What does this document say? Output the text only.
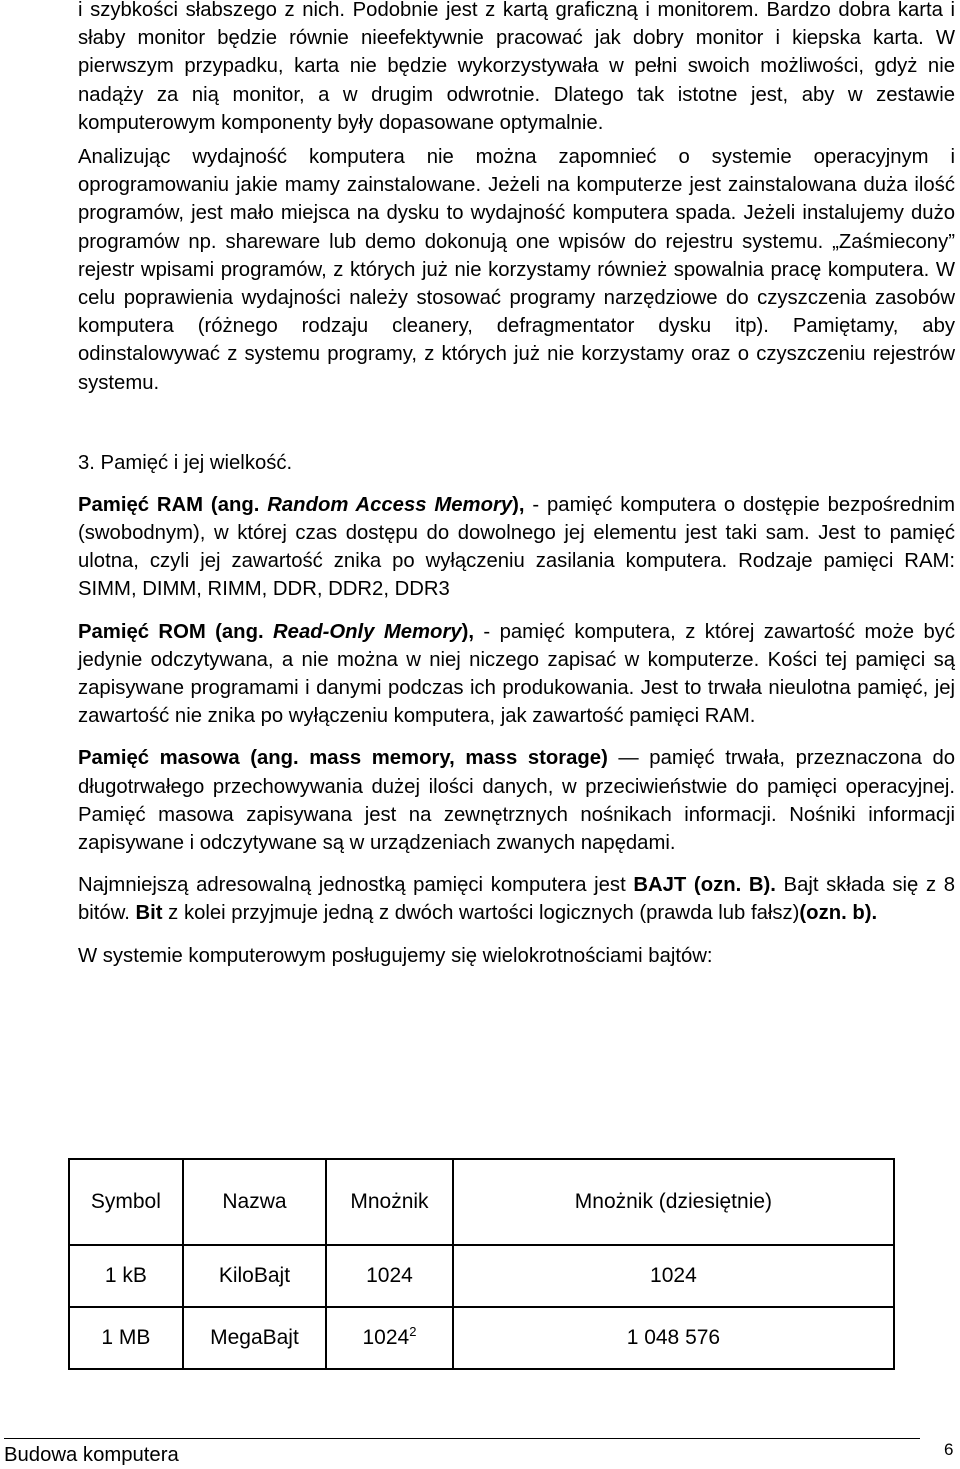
i szybkości słabszego z nich. Podobnie jest z kartą graficzną i monitorem. Bardzo dobra karta i słaby monitor będzie równie nieefektywnie pracować jak dobry monitor i kiepska karta. W pierwszym przypadku, karta nie będzie wykorzystywała w pełni swoich możliwości, gdyż nie nadąży za nią monitor, a w drugim odwrotnie. Dlatego tak istotne jest, aby w zestawie komputerowym komponenty były dopasowane optymalnie.

Analizując wydajność komputera nie można zapomnieć o systemie operacyjnym i oprogramowaniu jakie mamy zainstalowane. Jeżeli na komputerze jest zainstalowana duża ilość programów, jest mało miejsca na dysku to wydajność komputera spada. Jeżeli instalujemy dużo programów np. shareware lub demo dokonują one wpisów do rejestru systemu. „Zaśmiecony” rejestr wpisami programów, z których już nie korzystamy również spowalnia pracę komputera. W celu poprawienia wydajności należy stosować programy narzędziowe do czyszczenia zasobów komputera (różnego rodzaju cleanery, defragmentator dysku itp). Pamiętamy, aby odinstalowywać z systemu programy, z których już nie korzystamy oraz o czyszczeniu rejestrów systemu.

3. Pamięć i jej wielkość.

Pamięć RAM (ang. Random Access Memory), - pamięć komputera o dostępie bezpośrednim (swobodnym), w której czas dostępu do dowolnego jej elementu jest taki sam. Jest to pamięć ulotna, czyli jej zawartość znika po wyłączeniu zasilania komputera. Rodzaje pamięci RAM: SIMM, DIMM, RIMM, DDR, DDR2, DDR3

Pamięć ROM (ang. Read-Only Memory), - pamięć komputera, z której zawartość może być jedynie odczytywana, a nie można w niej niczego zapisać w komputerze. Kości tej pamięci są zapisywane programami i danymi podczas ich produkowania. Jest to trwała nieulotna pamięć, jej zawartość nie znika po wyłączeniu komputera, jak zawartość pamięci RAM.

Pamięć masowa (ang. mass memory, mass storage) — pamięć trwała, przeznaczona do długotrwałego przechowywania dużej ilości danych, w przeciwieństwie do pamięci operacyjnej. Pamięć masowa zapisywana jest na zewnętrznych nośnikach informacji. Nośniki informacji zapisywane i odczytywane są w urządzeniach zwanych napędami.

Najmniejszą adresowalną jednostką pamięci komputera jest BAJT (ozn. B). Bajt składa się z 8 bitów. Bit z kolei przyjmuje jedną z dwóch wartości logicznych (prawda lub fałsz)(ozn. b).

W systemie komputerowym posługujemy się wielokrotnościami bajtów:

Symbol	Nazwa	Mnożnik	Mnożnik (dziesiętnie)
1 kB	KiloBajt	1024	1024
1 MB	MegaBajt	1024$^2$	1 048 576
Budowa komputera	6
